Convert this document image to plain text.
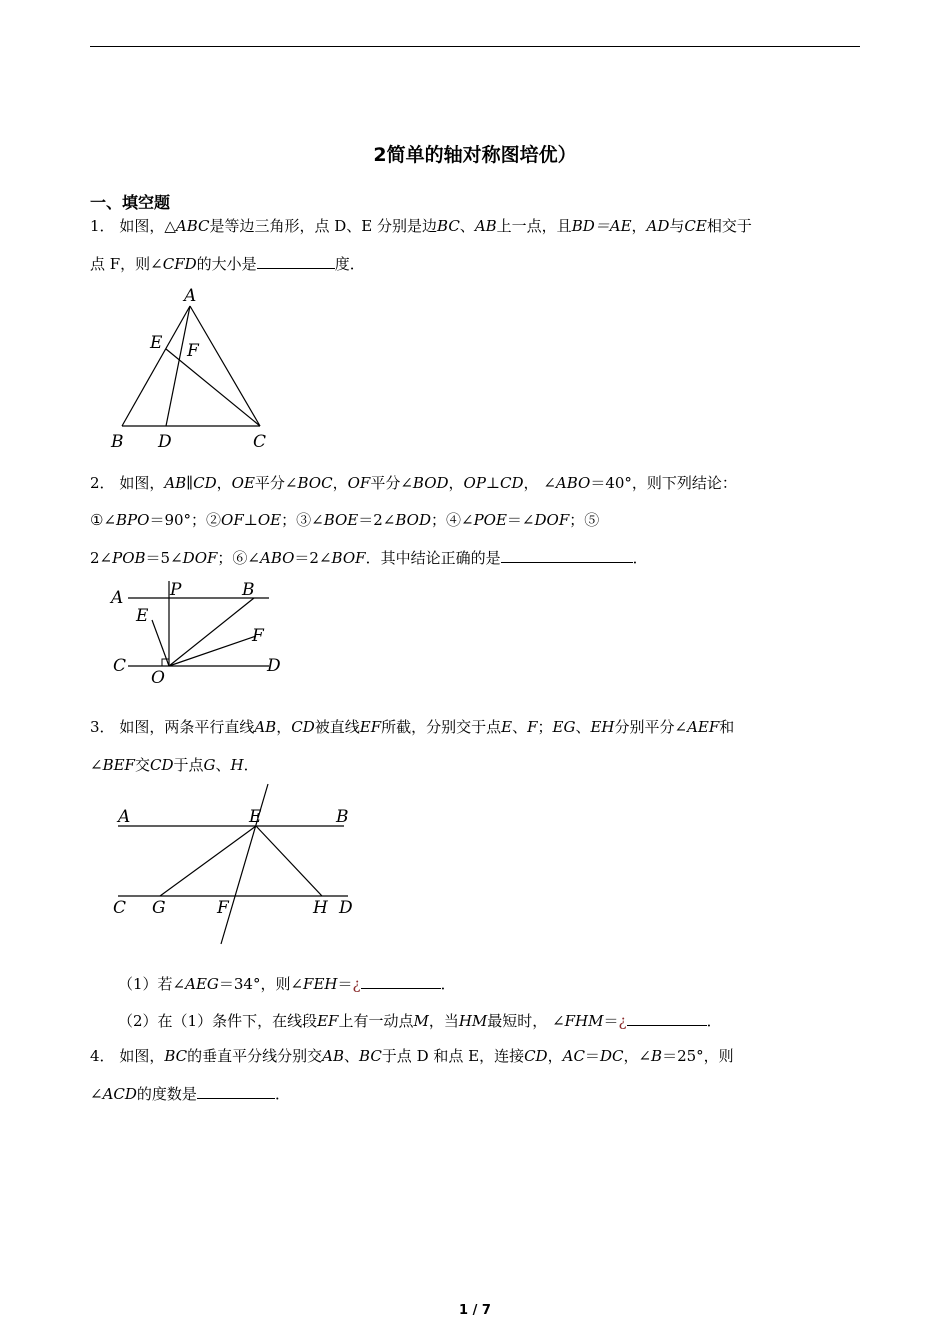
2简单的轴对称图培优）
一、填空题
1． 如图，△ABC是等边三角形，点 D、E 分别是边BC、AB上一点，且BD＝AE，AD与CE相交于
点 F，则∠CFD的大小是	度．
A
B	C
D
E F
2． 如图，AB∥CD，OE平分∠BOC，OF平分∠BOD，OP⊥CD， ∠ABO＝40°，则下列结论：
①∠BPO＝90°；②OF⊥OE；③∠BOE＝2∠BOD；④∠POE＝∠DOF；⑤
2∠POB＝5∠DOF；⑥∠ABO＝2∠BOF．其中结论正确的是	．
A	P	B
E
F
C
O
D
3． 如图，两条平行直线AB，CD被直线EF所截，分别交于点E、F；EG、EH分别平分∠AEF和
∠BEF交CD于点G、H．
A	E	B
C G	F	H D
（1）若∠AEG＝34°，则∠FEH＝¿	．
（2）在（1）条件下，在线段EF上有一动点M，当HM最短时， ∠FHM＝¿	．
4． 如图，BC的垂直平分线分别交AB、BC于点 D 和点 E，连接CD，AC＝DC，∠B＝25°，则
∠ACD的度数是	．
1 / 7
